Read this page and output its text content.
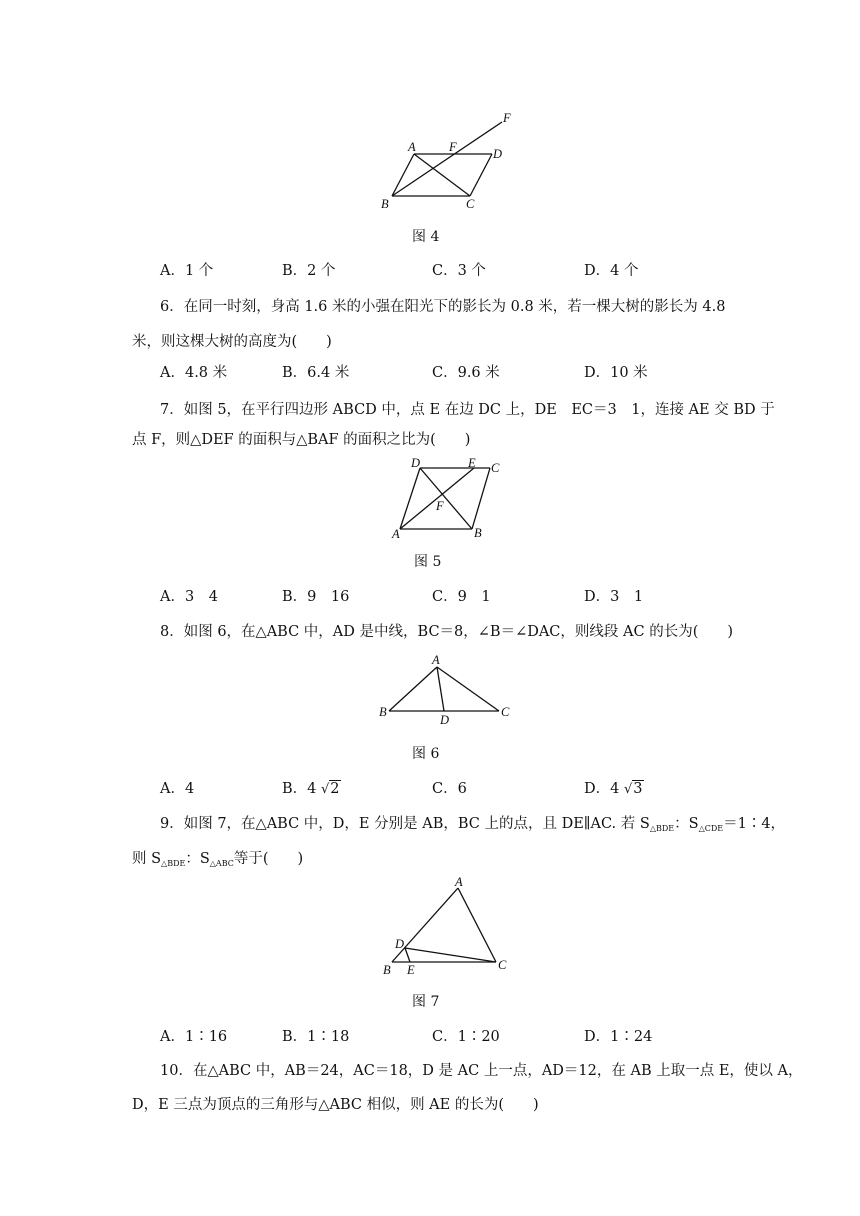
A
B	C
D
F
F
图 4
A．1 个	B．2 个	C．3 个	D．4 个
6．在同一时刻，身高 1.6 米的小强在阳光下的影长为 0.8 米，若一棵大树的影长为 4.8
米，则这棵大树的高度为(　　)
A．4.8 米	B．6.4 米	C．9.6 米	D．10 米
7．如图 5，在平行四边形 ABCD 中，点 E 在边 DC 上，DE　EC＝3　1，连接 AE 交 BD 于
点 F，则△DEF 的面积与△BAF 的面积之比为(　　)
D	E C
F
A	B
图 5
A．3　4	B．9　16	C．9　1	D．3　1
8．如图 6，在△ABC 中，AD 是中线，BC＝8，∠B＝∠DAC，则线段 AC 的长为(　　)
A
B	C
D
图 6
A．4	B．4 √2	C．6	D．4 √3
9．如图 7，在△ABC 中，D，E 分别是 AB，BC 上的点，且 DE∥AC. 若 $S_{\triangle BDE}$：$S_{\triangle CDE}=1∶4$，
则 $S_{\triangle BDE}$：$S_{\triangle ABC}$等于(　　)
A
D
B E	C
图 7
A．1∶16	B．1∶18	C．1∶20	D．1∶24
10．在△ABC 中，AB＝24，AC＝18，D 是 AC 上一点，AD＝12，在 AB 上取一点 E，使以 A，
D，E 三点为顶点的三角形与△ABC 相似，则 AE 的长为(　　)
